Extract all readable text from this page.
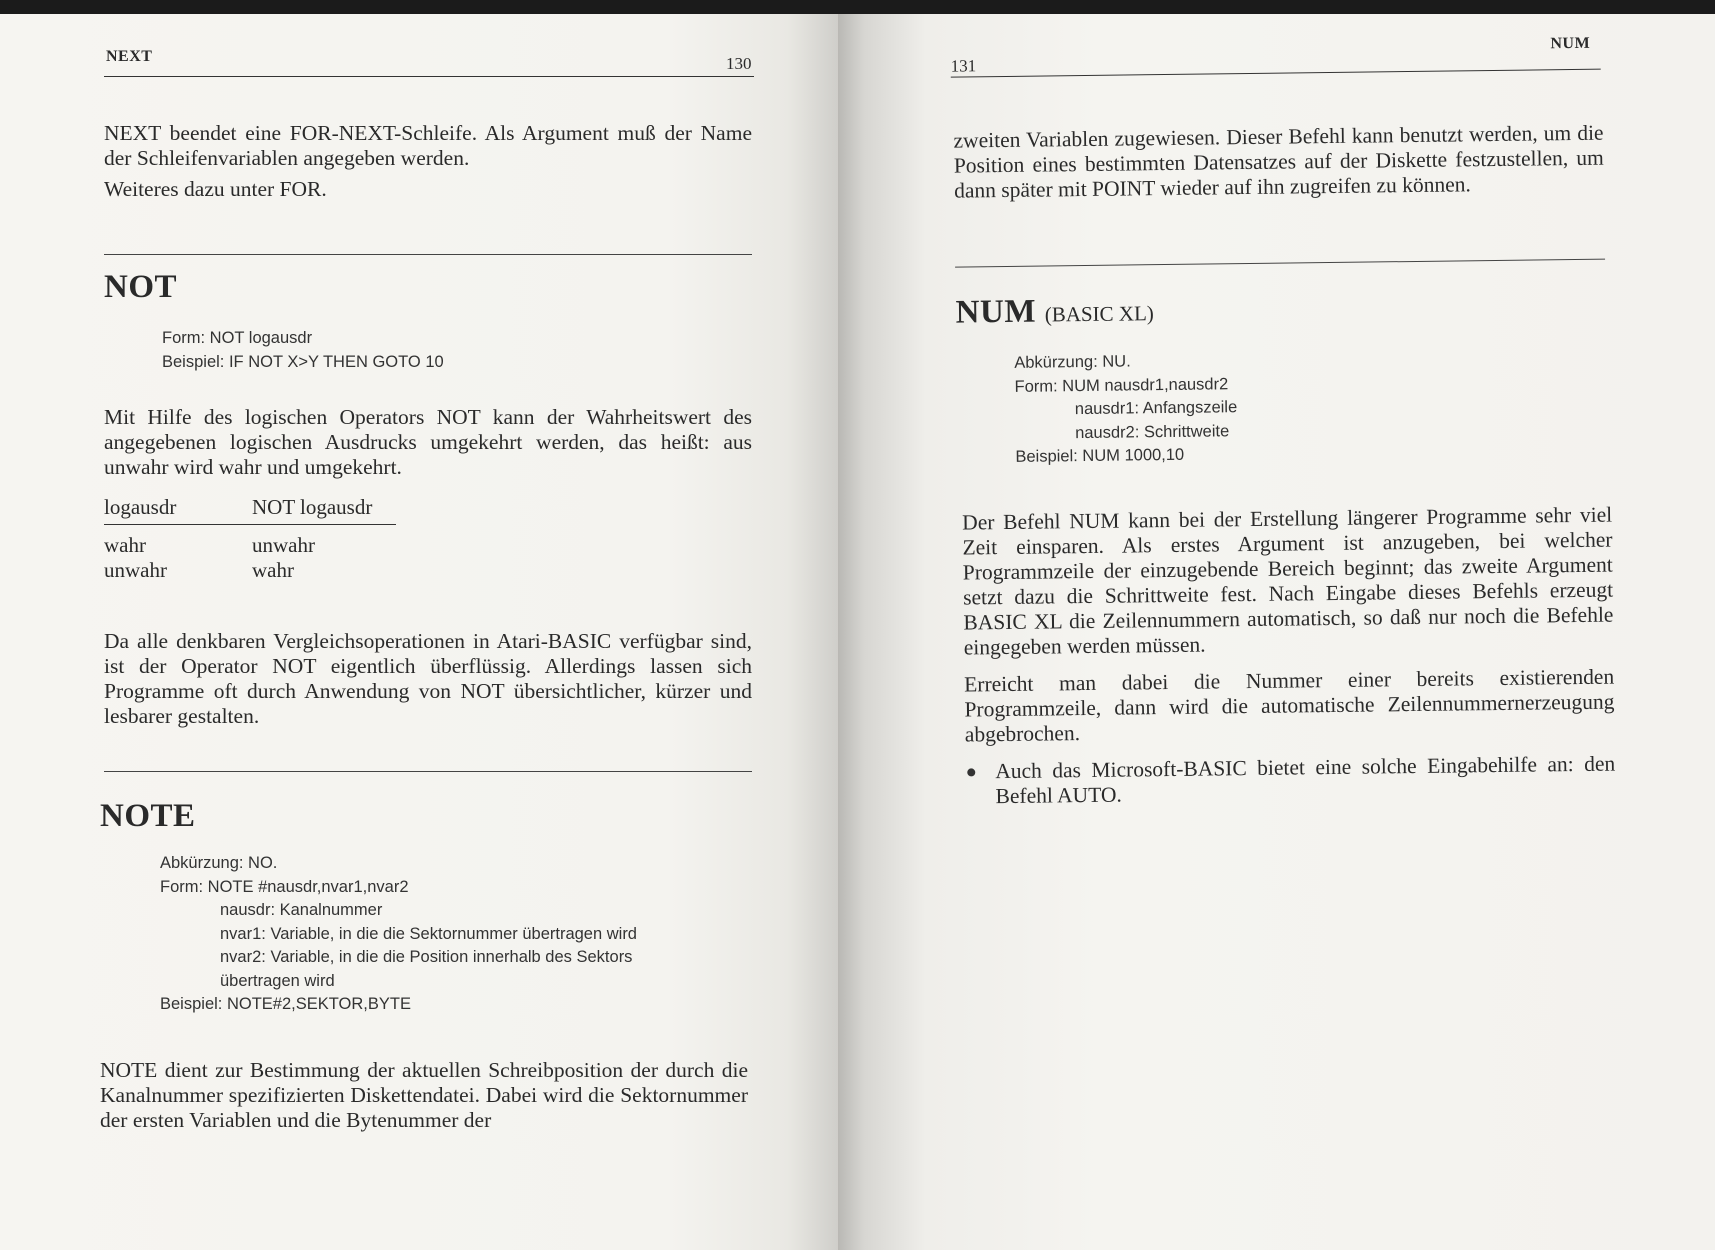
NEXT	130

NEXT beendet eine FOR-NEXT-Schleife. Als Argument muß der Name der Schleifenvariablen angegeben werden.

Weiteres dazu unter FOR.

NOT
Form: NOT logausdr
Beispiel: IF NOT X>Y THEN GOTO 10
Mit Hilfe des logischen Operators NOT kann der Wahrheitswert des angegebenen logischen Ausdrucks umgekehrt werden, das heißt: aus unwahr wird wahr und umgekehrt.
logausdr	NOT logausdr
wahr	unwahr
unwahr	wahr
Da alle denkbaren Vergleichsoperationen in Atari-BASIC verfügbar sind, ist der Operator NOT eigentlich überflüssig. Allerdings lassen sich Programme oft durch Anwendung von NOT übersichtlicher, kürzer und lesbarer gestalten.
NOTE
Abkürzung: NO.
Form: NOTE #nausdr,nvar1,nvar2
nausdr: Kanalnummer
nvar1: Variable, in die die Sektornummer übertragen wird
nvar2: Variable, in die die Position innerhalb des Sektors
übertragen wird
Beispiel: NOTE#2,SEKTOR,BYTE
NOTE dient zur Bestimmung der aktuellen Schreibposition der durch die Kanalnummer spezifizierten Diskettendatei. Dabei wird die Sektornummer der ersten Variablen und die Bytenummer der
131
NUM
zweiten Variablen zugewiesen. Dieser Befehl kann benutzt werden, um die Position eines bestimmten Datensatzes auf der Diskette festzustellen, um dann später mit POINT wieder auf ihn zugreifen zu können.
NUM (BASIC XL)
Abkürzung: NU.
Form: NUM nausdr1,nausdr2
nausdr1: Anfangszeile
nausdr2: Schrittweite
Beispiel: NUM 1000,10
Der Befehl NUM kann bei der Erstellung längerer Programme sehr viel Zeit einsparen. Als erstes Argument ist anzugeben, bei welcher Programmzeile der einzugebende Bereich beginnt; das zweite Argument setzt dazu die Schrittweite fest. Nach Eingabe dieses Befehls erzeugt BASIC XL die Zeilennummern automatisch, so daß nur noch die Befehle eingegeben werden müssen.
Erreicht man dabei die Nummer einer bereits existierenden Programmzeile, dann wird die automatische Zeilennummernerzeugung abgebrochen.
Auch das Microsoft-BASIC bietet eine solche Eingabehilfe an: den Befehl AUTO.
